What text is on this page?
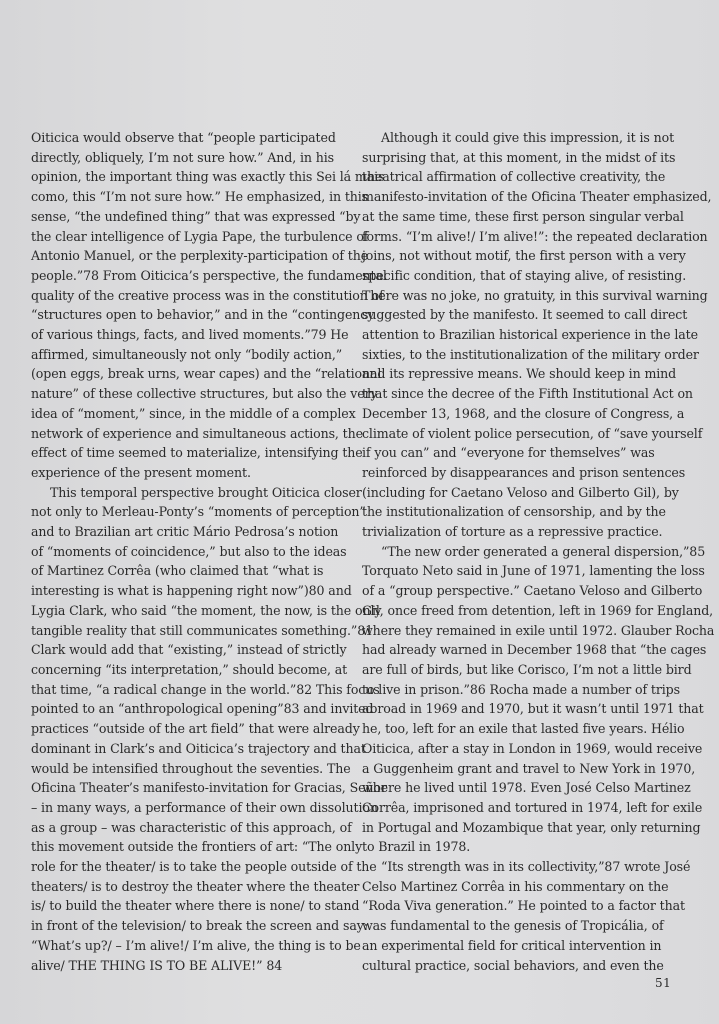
Oiticica would observe that “people participated
directly, obliquely, I’m not sure how.” And, in his
opinion, the important thing was exactly this Sei lá mais
como, this “I’m not sure how.” He emphasized, in this
sense, “the undefined thing” that was expressed “by
the clear intelligence of Lygia Pape, the turbulence of
Antonio Manuel, or the perplexity-participation of the
people.”78 From Oiticica’s perspective, the fundamental
quality of the creative process was in the constitution of
“structures open to behavior,” and in the “contingency
of various things, facts, and lived moments.”79 He
affirmed, simultaneously not only “bodily action,”
(open eggs, break urns, wear capes) and the “relational
nature” of these collective structures, but also the very
idea of “moment,” since, in the middle of a complex
network of experience and simultaneous actions, the
effect of time seemed to materialize, intensifying the
experience of the present moment.
This temporal perspective brought Oiticica closer
not only to Merleau-Ponty’s “moments of perception”
and to Brazilian art critic Mário Pedrosa’s notion
of “moments of coincidence,” but also to the ideas
of Martinez Corrêa (who claimed that “what is
interesting is what is happening right now”)80 and
Lygia Clark, who said “the moment, the now, is the only
tangible reality that still communicates something.”81
Clark would add that “existing,” instead of strictly
concerning “its interpretation,” should become, at
that time, “a radical change in the world.”82 This focus
pointed to an “anthropological opening”83 and invited
practices “outside of the art field” that were already
dominant in Clark’s and Oiticica’s trajectory and that
would be intensified throughout the seventies. The
Oficina Theater’s manifesto-invitation for Gracias, Señor
– in many ways, a performance of their own dissolution
as a group – was characteristic of this approach, of
this movement outside the frontiers of art: “The only
role for the theater/ is to take the people outside of the
theaters/ is to destroy the theater where the theater
is/ to build the theater where there is none/ to stand
in front of the television/ to break the screen and say:
“What’s up?/ – I’m alive!/ I’m alive, the thing is to be
alive/ THE THING IS TO BE ALIVE!” 84
Although it could give this impression, it is not
surprising that, at this moment, in the midst of its
theatrical affirmation of collective creativity, the
manifesto-invitation of the Oficina Theater emphasized,
at the same time, these first person singular verbal
forms. “I’m alive!/ I’m alive!”: the repeated declaration
joins, not without motif, the first person with a very
specific condition, that of staying alive, of resisting.
There was no joke, no gratuity, in this survival warning
suggested by the manifesto. It seemed to call direct
attention to Brazilian historical experience in the late
sixties, to the institutionalization of the military order
and its repressive means. We should keep in mind
that since the decree of the Fifth Institutional Act on
December 13, 1968, and the closure of Congress, a
climate of violent police persecution, of “save yourself
if you can” and “everyone for themselves” was
reinforced by disappearances and prison sentences
(including for Caetano Veloso and Gilberto Gil), by
the institutionalization of censorship, and by the
trivialization of torture as a repressive practice.
“The new order generated a general dispersion,”85
Torquato Neto said in June of 1971, lamenting the loss
of a “group perspective.” Caetano Veloso and Gilberto
Gil, once freed from detention, left in 1969 for England,
where they remained in exile until 1972. Glauber Rocha
had already warned in December 1968 that “the cages
are full of birds, but like Corisco, I’m not a little bird
to live in prison.”86 Rocha made a number of trips
abroad in 1969 and 1970, but it wasn’t until 1971 that
he, too, left for an exile that lasted five years. Hélio
Oiticica, after a stay in London in 1969, would receive
a Guggenheim grant and travel to New York in 1970,
where he lived until 1978. Even José Celso Martinez
Corrêa, imprisoned and tortured in 1974, left for exile
in Portugal and Mozambique that year, only returning
to Brazil in 1978.
“Its strength was in its collectivity,”87 wrote José
Celso Martinez Corrêa in his commentary on the
“Roda Viva generation.” He pointed to a factor that
was fundamental to the genesis of Tropicália, of
an experimental field for critical intervention in
cultural practice, social behaviors, and even the
51
